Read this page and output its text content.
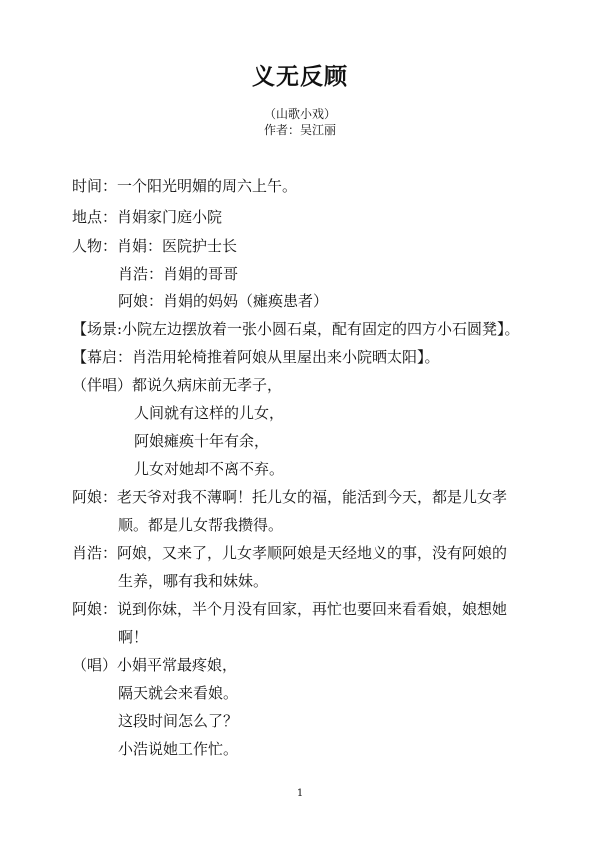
义无反顾
（山歌小戏）
作者：吴江丽
时间：一个阳光明媚的周六上午。
地点：肖娟家门庭小院
人物：肖娟：医院护士长
肖浩：肖娟的哥哥
阿娘：肖娟的妈妈（瘫痪患者）
【场景:小院左边摆放着一张小圆石桌，配有固定的四方小石圆凳】。
【幕启：肖浩用轮椅推着阿娘从里屋出来小院晒太阳】。
（伴唱）都说久病床前无孝子，
人间就有这样的儿女，
阿娘瘫痪十年有余，
儿女对她却不离不弃。
阿娘：老天爷对我不薄啊！托儿女的福，能活到今天，都是儿女孝
顺。都是儿女帮我攒得。
肖浩：阿娘，又来了，儿女孝顺阿娘是天经地义的事，没有阿娘的
生养，哪有我和妹妹。
阿娘：说到你妹，半个月没有回家，再忙也要回来看看娘，娘想她
啊！
（唱）小娟平常最疼娘，
隔天就会来看娘。
这段时间怎么了？
小浩说她工作忙。
1
